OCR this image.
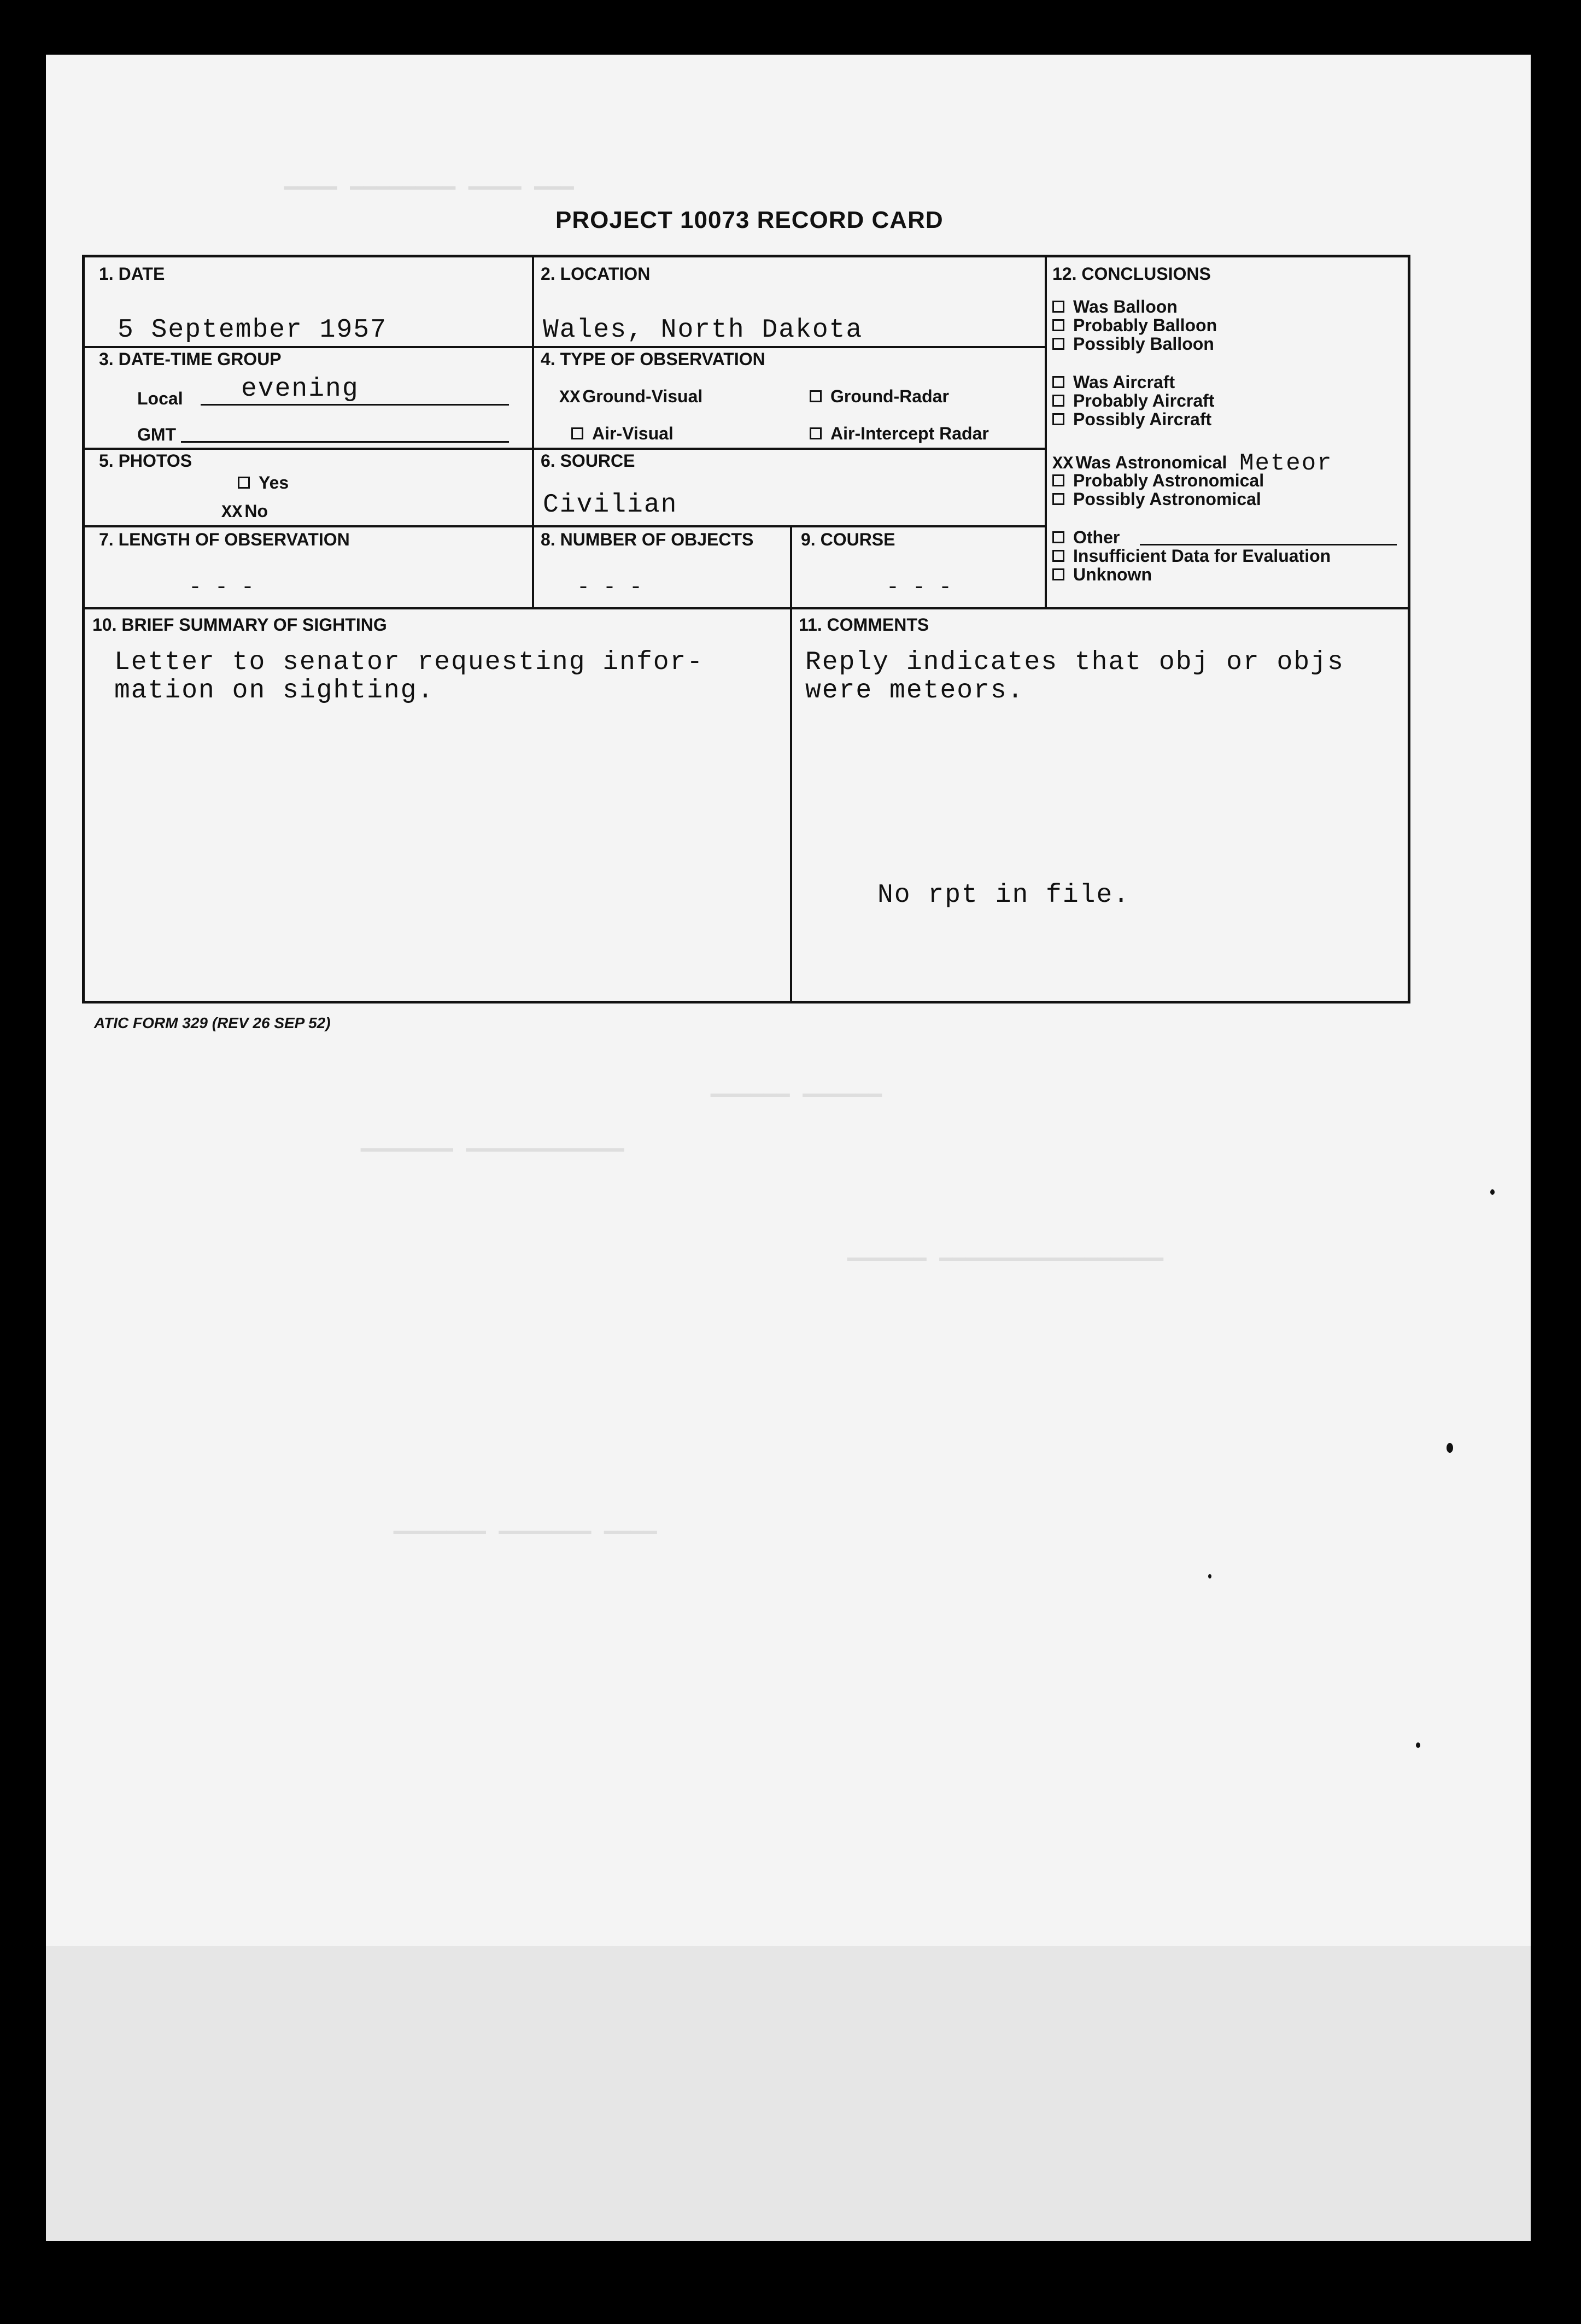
▁▁▁▁ ▁▁▁▁▁▁▁▁ ▁▁▁▁ ▁▁▁
▁▁▁▁▁▁ ▁▁▁▁▁▁
▁▁▁▁▁▁▁ ▁▁▁▁▁▁▁▁▁▁▁▁
▁▁▁▁▁▁ ▁▁▁▁▁▁▁▁▁▁▁▁▁▁▁▁▁
▁▁▁▁▁▁▁ ▁▁▁▁▁▁▁ ▁▁▁▁
PROJECT 10073 RECORD CARD
1. DATE
5 September 1957
2. LOCATION
Wales, North Dakota
3. DATE-TIME GROUP
Local evening
GMT
4. TYPE OF OBSERVATION
XX Ground-Visual	Ground-Radar
Air-Visual	Air-Intercept Radar
5. PHOTOS
Yes
XX No
6. SOURCE
Civilian
7. LENGTH OF OBSERVATION
- - -
8. NUMBER OF OBJECTS
- - -
9. COURSE
- - -
12. CONCLUSIONS
Was Balloon
Probably Balloon
Possibly Balloon
Was Aircraft
Probably Aircraft
Possibly Aircraft
XX Was Astronomical Meteor
Probably Astronomical
Possibly Astronomical
Other
Insufficient Data for Evaluation
Unknown
10. BRIEF SUMMARY OF SIGHTING
Letter to senator requesting infor-
mation on sighting.
11. COMMENTS
Reply indicates that obj or objs
were meteors.
No rpt in file.
ATIC FORM 329 (REV 26 SEP 52)
